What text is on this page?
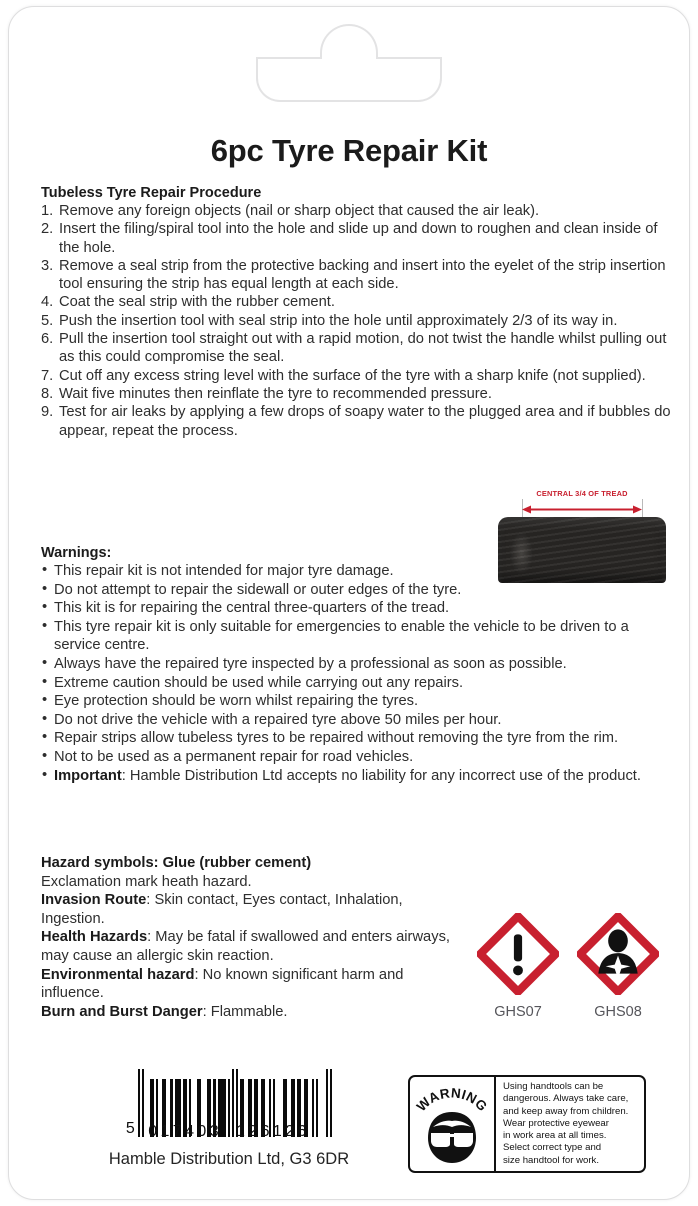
6pc Tyre Repair Kit
Tubeless Tyre Repair Procedure
1. Remove any foreign objects (nail or sharp object that caused the air leak).
2. Insert the filing/spiral tool into the hole and slide up and down to roughen and clean inside of the hole.
3. Remove a seal strip from the protective backing and insert into the eyelet of the strip insertion tool ensuring the strip has equal length at each side.
4. Coat the seal strip with the rubber cement.
5. Push the insertion tool with seal strip into the hole until approximately 2/3 of its way in.
6. Pull the insertion tool straight out with a rapid motion, do not twist the handle whilst pulling out as this could compromise the seal.
7. Cut off any excess string level with the surface of the tyre with a sharp knife (not supplied).
8. Wait five minutes then reinflate the tyre to recommended pressure.
9. Test for air leaks by applying a few drops of soapy water to the plugged area and if bubbles do appear, repeat the process.
CENTRAL 3/4 OF TREAD
Warnings:
• This repair kit is not intended for major tyre damage.
• Do not attempt to repair the sidewall or outer edges of the tyre.
• This kit is for repairing the central three-quarters of the tread.
• This tyre repair kit is only suitable for emergencies to enable the vehicle to be driven to a service centre.
• Always have the repaired tyre inspected by a professional as soon as possible.
• Extreme caution should be used while carrying out any repairs.
• Eye protection should be worn whilst repairing the tyres.
• Do not drive the vehicle with a repaired tyre above 50 miles per hour.
• Repair strips allow tubeless tyres to be repaired without removing the tyre from the rim.
• Not to be used as a permanent repair for road vehicles.
• Important: Hamble Distribution Ltd accepts no liability for any incorrect use of the product.
Hazard symbols: Glue (rubber cement)
Exclamation mark heath hazard.
Invasion Route: Skin contact, Eyes contact, Inhalation, Ingestion.
Health Hazards: May be fatal if swallowed and enters airways, may cause an allergic skin reaction.
Environmental hazard: No known significant harm and influence.
Burn and Burst Danger: Flammable.	GHS07	GHS08
5 017403 126126
Hamble Distribution Ltd, G3 6DR
WARNING
Using handtools can be
dangerous. Always take care,
and keep away from children.
Wear protective eyewear
in work area at all times.
Select correct type and
size handtool for work.
